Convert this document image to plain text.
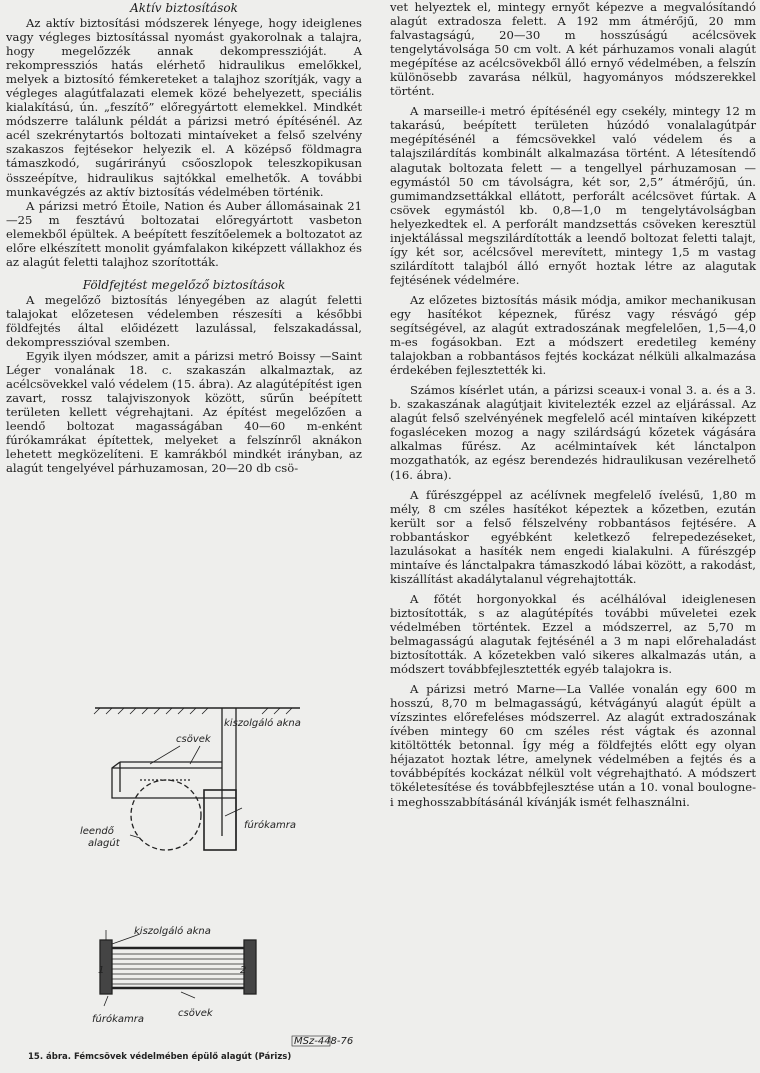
Aktív biztosítások

Az aktív biztosítási módszerek lényege, hogy ideiglenes vagy végleges biztosítással nyomást gyakorolnak a talajra, hogy megelőzzék annak dekompresszióját. A rekompressziós hatás elérhető hidraulikus emelőkkel, melyek a biztosító fémkereteket a talajhoz szorítják, vagy a végleges alagútfalazati elemek közé behelyezett, speciális kialakítású, ún. „feszítő” előregyártott elemekkel. Mindkét módszerre találunk példát a párizsi metró építésénél. Az acél szekrénytartós boltozati mintaíveket a felső szelvény szakaszos fejtésekor helyezik el. A középső földmagra támaszkodó, sugárirányú csőoszlopok teleszkopikusan összeépítve, hidraulikus sajtókkal emelhetők. A további munkavégzés az aktív biztosítás védelmében történik.

A párizsi metró Étoile, Nation és Auber állomásainak 21—25 m fesztávú boltozatai előregyártott vasbeton elemekből épültek. A beépített feszítőelemek a boltozatot az előre elkészített monolit gyámfalakon kiképzett vállakhoz és az alagút feletti talajhoz szorították.

Földfejtést megelőző biztosítások

A megelőző biztosítás lényegében az alagút feletti talajokat előzetesen védelemben részesíti a későbbi földfejtés által előidézett lazulással, felszakadással, dekompresszióval szemben.

Egyik ilyen módszer, amit a párizsi metró Boissy —Saint Léger vonalának 18. c. szakaszán alkalmaztak, az acélcsövekkel való védelem (15. ábra). Az alagútépítést igen zavart, rossz talajviszonyok között, sűrűn beépített területen kellett végrehajtani. Az építést megelőzően a leendő boltozat magasságában 40—60 m-enként fúrókamrákat építettek, melyeket a felszínről aknákon lehetett megközelíteni. E kamrákból mindkét irányban, az alagút tengelyével párhuzamosan, 20—20 db csö-

kiszolgáló akna
csövek
leendő alagút
fúrókamra
kiszolgáló akna
1	2
fúrókamra
csövek
MSz-448-76
15. ábra. Fémcsövek védelmében épülő alagút (Párizs)

vet helyeztek el, mintegy ernyőt képezve a megvalósítandó alagút extradosza felett. A 192 mm átmérőjű, 20 mm falvastagságú, 20—30 m hosszúságú acélcsövek tengelytávolsága 50 cm volt. A két párhuzamos vonali alagút megépítése az acélcsövekből álló ernyő védelmében, a felszín különösebb zavarása nélkül, hagyományos módszerekkel történt.

A marseille-i metró építésénél egy csekély, mintegy 12 m takarású, beépített területen húzódó vonalalagútpár megépítésénél a fémcsövekkel való védelem és a talajszilárdítás kombinált alkalmazása történt. A létesítendő alagutak boltozata felett — a tengellyel párhuzamosan — egymástól 50 cm távolságra, két sor, 2,5” átmérőjű, ún. gumimandzsettákkal ellátott, perforált acélcsövet fúrtak. A csövek egymástól kb. 0,8—1,0 m tengelytávolságban helyezkedtek el. A perforált mandzsettás csöveken keresztül injektálással megszilárdították a leendő boltozat feletti talajt, így két sor, acélcsővel merevített, mintegy 1,5 m vastag szilárdított talajból álló ernyőt hoztak létre az alagutak fejtésének védelmére.

Az előzetes biztosítás másik módja, amikor mechanikusan egy hasítékot képeznek, fűrész vagy résvágó gép segítségével, az alagút extradoszának megfelelően, 1,5—4,0 m-es fogásokban. Ezt a módszert eredetileg kemény talajokban a robbantásos fejtés kockázat nélküli alkalmazása érdekében fejlesztették ki.

Számos kísérlet után, a párizsi sceaux-i vonal 3. a. és a 3. b. szakaszának alagútjait kivitelezték ezzel az eljárással. Az alagút felső szelvényének megfelelő acél mintaíven kiképzett fogasléceken mozog a nagy szilárdságú kőzetek vágására alkalmas fűrész. Az acélmintaívek két lánctalpon mozgathatók, az egész berendezés hidraulikusan vezérelhető (16. ábra).

A fűrészgéppel az acélívnek megfelelő ívelésű, 1,80 m mély, 8 cm széles hasítékot képeztek a kőzetben, ezután került sor a felső félszelvény robbantásos fejtésére. A robbantáskor egyébként keletkező felrepedezéseket, lazulásokat a hasíték nem engedi kialakulni. A fűrészgép mintaíve és lánctalpakra támaszkodó lábai között, a rakodást, kiszállítást akadálytalanul végrehajtották.

A főtét horgonyokkal és acélhálóval ideiglenesen biztosították, s az alagútépítés további műveletei ezek védelmében történtek. Ezzel a módszerrel, az 5,70 m belmagasságú alagutak fejtésénél a 3 m napi előrehaladást biztosították. A kőzetekben való sikeres alkalmazás után, a módszert továbbfejlesztették egyéb talajokra is.

A párizsi metró Marne—La Vallée vonalán egy 600 m hosszú, 8,70 m belmagasságú, kétvágányú alagút épült a vízszintes előrefeléses módszerrel. Az alagút extradoszának ívében mintegy 60 cm széles rést vágtak és azonnal kitöltötték betonnal. Így még a földfejtés előtt egy olyan héjazatot hoztak létre, amelynek védelmében a fejtés és a továbbépítés kockázat nélkül volt végrehajtható. A módszert tökéletesítése és továbbfejlesztése után a 10. vonal boulogne-i meghosszabbításánál kívánják ismét felhasználni.
